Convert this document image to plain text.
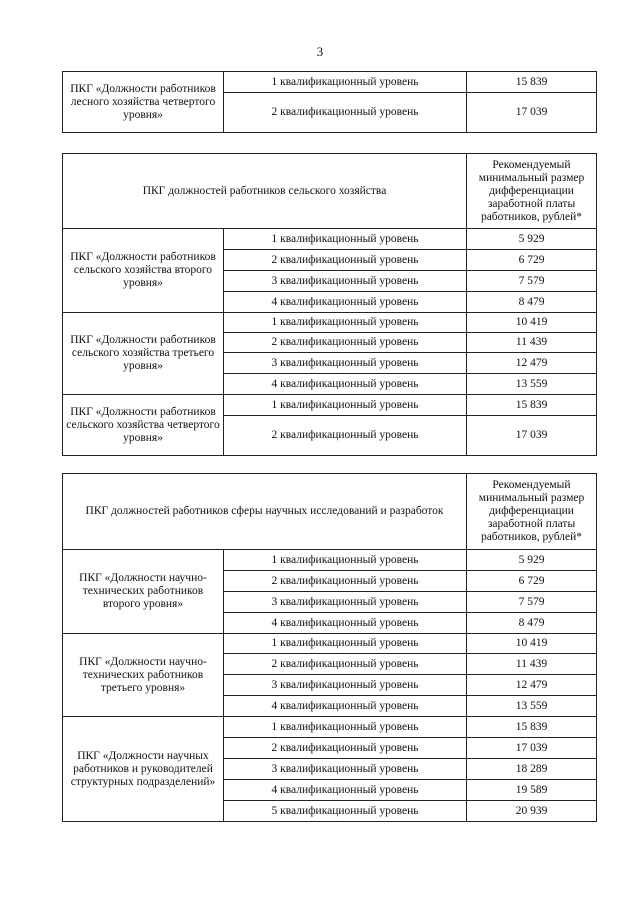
3
ПКГ «Должности работников лесного хозяйства четвертого уровня»	1 квалификационный уровень	15 839
	2 квалификационный уровень	17 039
ПКГ должностей работников сельского хозяйства		Рекомендуемый минимальный размер дифференциации заработной платы работников, рублей*
ПКГ «Должности работников сельского хозяйства второго уровня»	1 квалификационный уровень	5 929
	2 квалификационный уровень	6 729
	3 квалификационный уровень	7 579
	4 квалификационный уровень	8 479
ПКГ «Должности работников сельского хозяйства третьего уровня»	1 квалификационный уровень	10 419
	2 квалификационный уровень	11 439
	3 квалификационный уровень	12 479
	4 квалификационный уровень	13 559
ПКГ «Должности работников сельского хозяйства четвертого уровня»	1 квалификационный уровень	15 839
	2 квалификационный уровень	17 039
ПКГ должностей работников сферы научных исследований и разработок		Рекомендуемый минимальный размер дифференциации заработной платы работников, рублей*
ПКГ «Должности научно-технических работников второго уровня»	1 квалификационный уровень	5 929
	2 квалификационный уровень	6 729
	3 квалификационный уровень	7 579
	4 квалификационный уровень	8 479
ПКГ «Должности научно-технических работников третьего уровня»	1 квалификационный уровень	10 419
	2 квалификационный уровень	11 439
	3 квалификационный уровень	12 479
	4 квалификационный уровень	13 559
ПКГ «Должности научных работников и руководителей структурных подразделений»	1 квалификационный уровень	15 839
	2 квалификационный уровень	17 039
	3 квалификационный уровень	18 289
	4 квалификационный уровень	19 589
	5 квалификационный уровень	20 939
